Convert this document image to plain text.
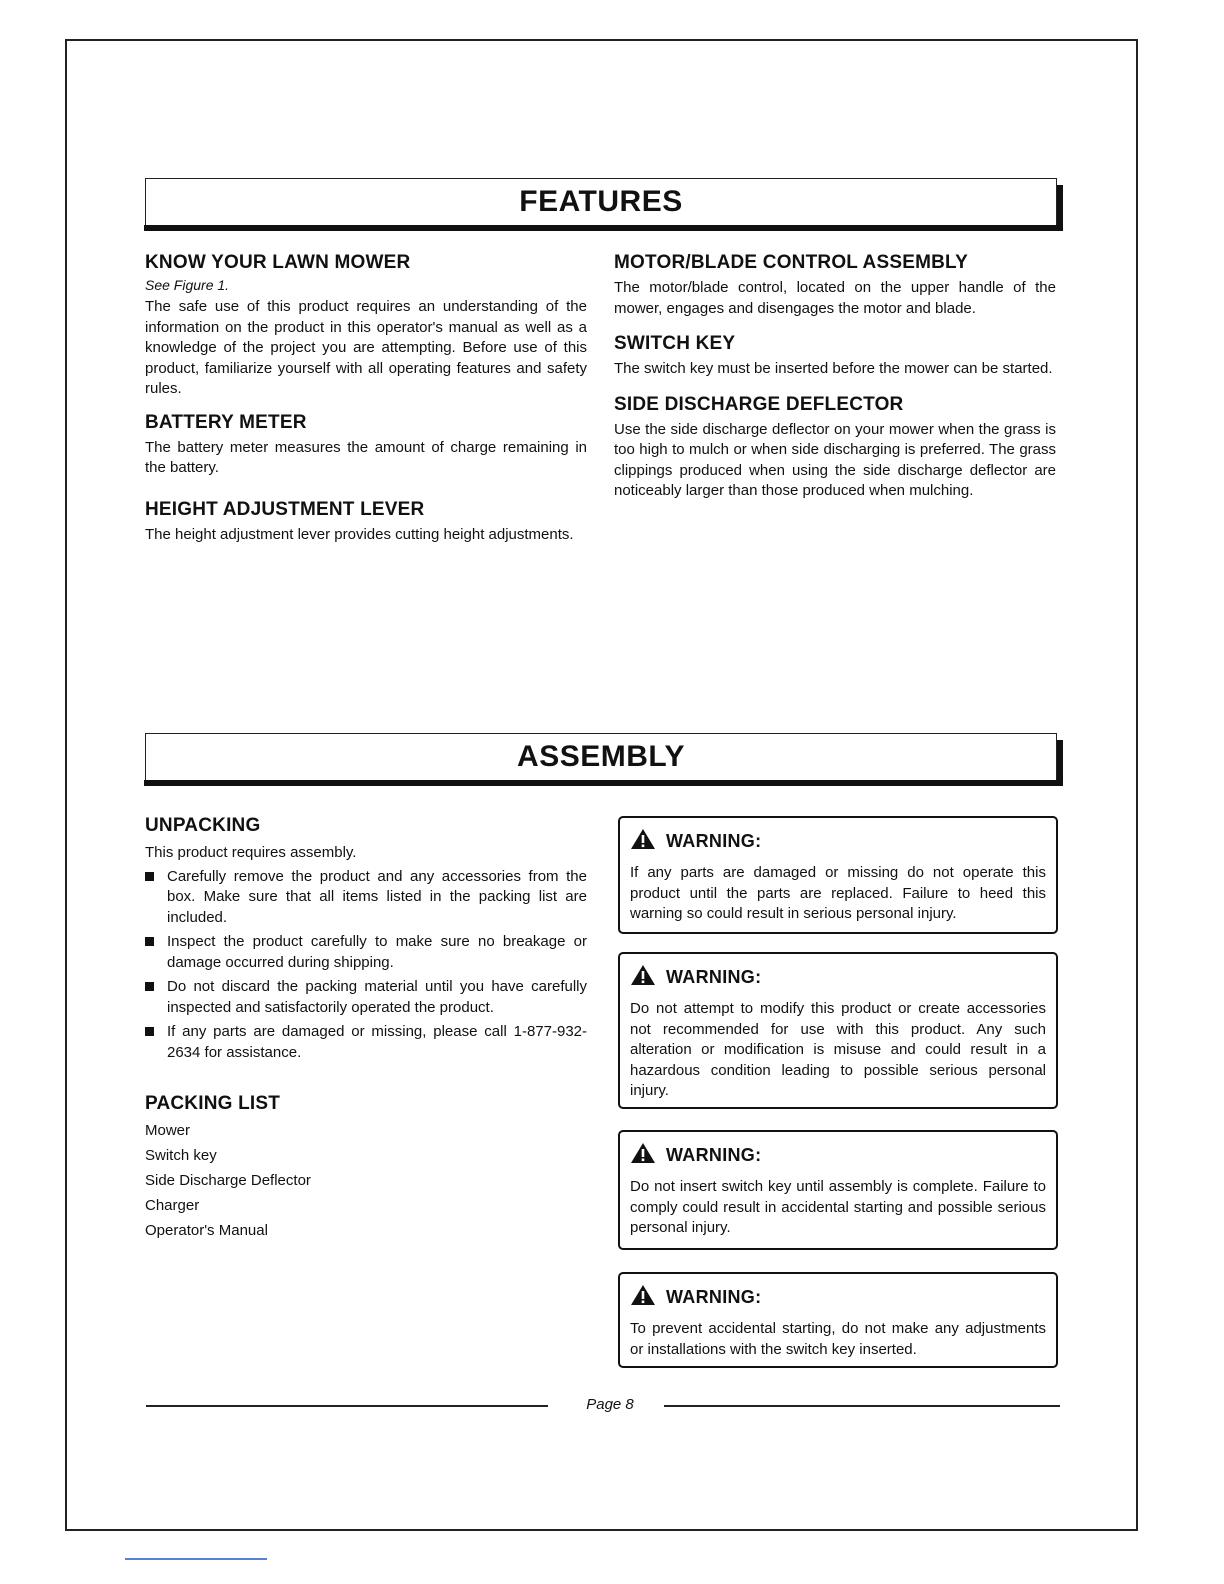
FEATURES
KNOW YOUR LAWN MOWER
See Figure 1.

The safe use of this product requires an understanding of the information on the product in this operator's manual as well as a knowledge of the project you are attempting. Before use of this product, familiarize yourself with all operating features and safety rules.

BATTERY METER

The battery meter measures the amount of charge remaining in the battery.

HEIGHT ADJUSTMENT LEVER

The height adjustment lever provides cutting height adjustments.

MOTOR/BLADE CONTROL ASSEMBLY

The motor/blade control, located on the upper handle of the mower, engages and disengages the motor and blade.

SWITCH KEY

The switch key must be inserted before the mower can be started.

SIDE DISCHARGE DEFLECTOR

Use the side discharge deflector on your mower when the grass is too high to mulch or when side discharging is preferred. The grass clippings produced when using the side discharge deflector are noticeably larger than those produced when mulching.

ASSEMBLY
UNPACKING

This product requires assembly.

Carefully remove the product and any accessories from the box. Make sure that all items listed in the packing list are included.
Inspect the product carefully to make sure no breakage or damage occurred during shipping.
Do not discard the packing material until you have carefully inspected and satisfactorily operated the product.
If any parts are damaged or missing, please call 1-877-932-2634 for assistance.
PACKING LIST
Mower
Switch key
Side Discharge Deflector
Charger
Operator's Manual
WARNING:

If any parts are damaged or missing do not operate this product until the parts are replaced. Failure to heed this warning so could result in serious personal injury.

WARNING:

Do not attempt to modify this product or create accessories not recommended for use with this product. Any such alteration or modification is misuse and could result in a hazardous condition leading to possible serious personal injury.

WARNING:

Do not insert switch key until assembly is complete. Failure to comply could result in accidental starting and possible serious personal injury.

WARNING:

To prevent accidental starting, do not make any adjustments or installations with the switch key inserted.

Page 8
